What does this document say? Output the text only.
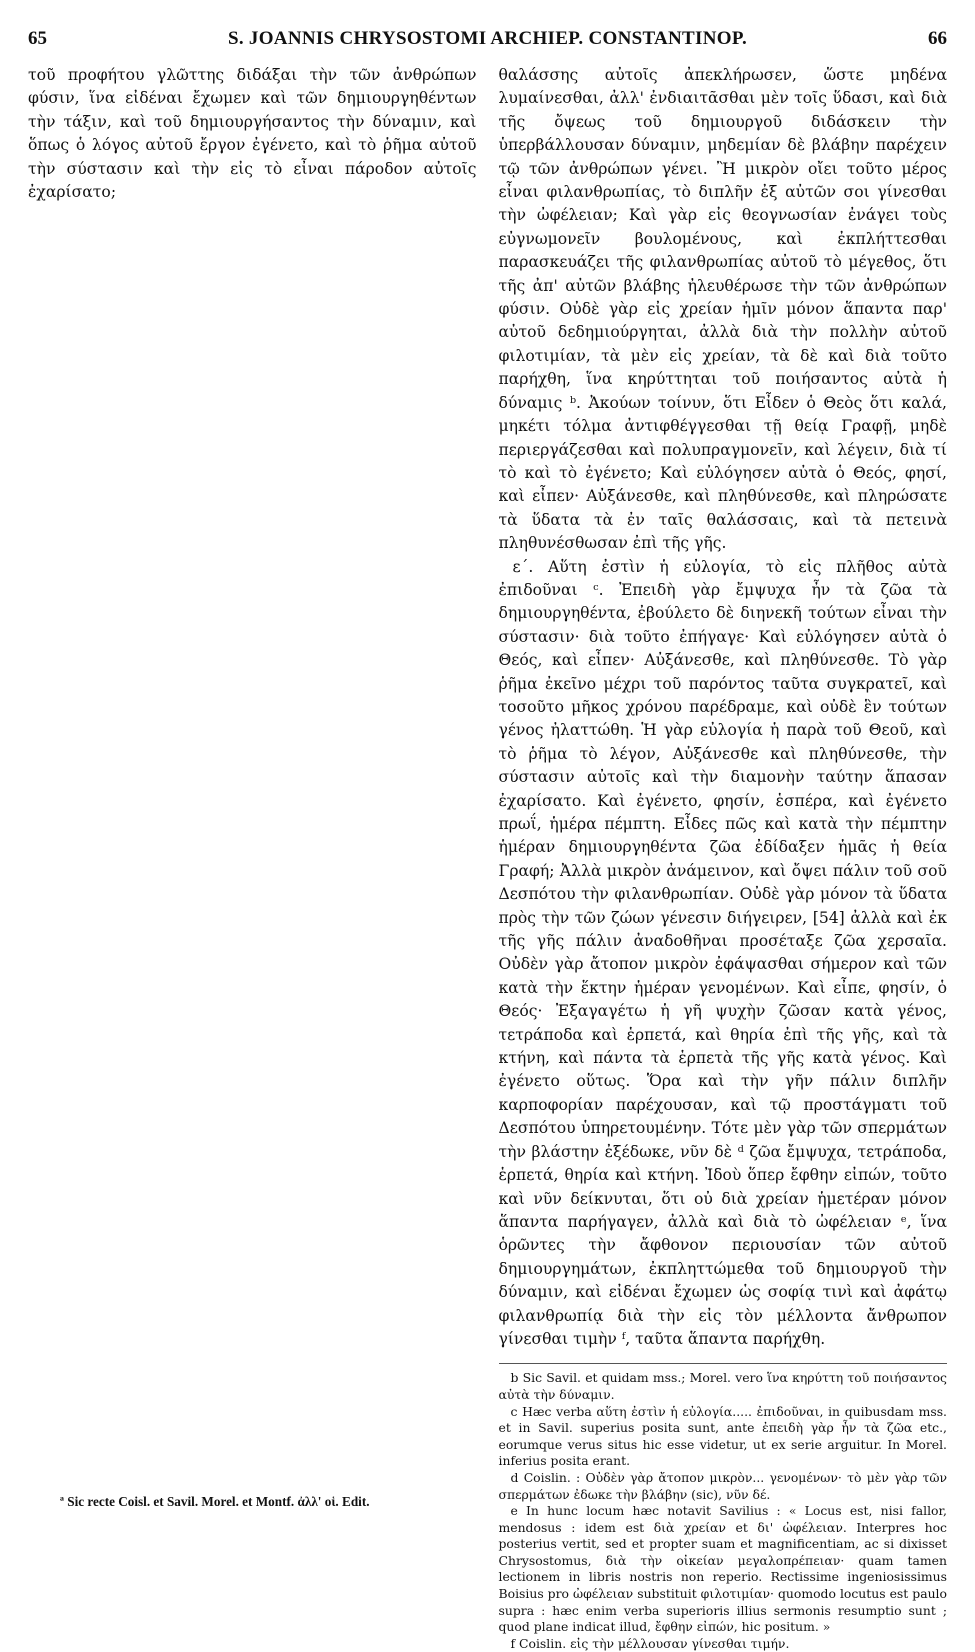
65	S. JOANNIS CHRYSOSTOMI ARCHIEP. CONSTANTINOP.	66

τοῦ προφήτου γλῶττης διδάξαι τὴν τῶν ἀνθρώπων φύσιν, ἵνα εἰδέναι ἔχωμεν καὶ τῶν δημιουργηθέντων τὴν τάξιν, καὶ τοῦ δημιουργήσαντος τὴν δύναμιν, καὶ ὅπως ὁ λόγος αὐτοῦ ἔργον ἐγένετο, καὶ τὸ ῥῆμα αὐτοῦ τὴν σύστασιν καὶ τὴν εἰς τὸ εἶναι πάροδον αὐτοῖς ἐχαρίσατο;

θαλάσσης αὐτοῖς ἀπεκλήρωσεν, ὥστε μηδένα λυμαίνεσθαι, ἀλλ' ἐνδιαιτᾶσθαι μὲν τοῖς ὕδασι, καὶ διὰ τῆς ὄψεως τοῦ δημιουργοῦ διδάσκειν τὴν ὑπερβάλλουσαν δύναμιν, μηδεμίαν δὲ βλάβην παρέχειν τῷ τῶν ἀνθρώπων γένει. Ἢ μικρὸν οἴει τοῦτο μέρος εἶναι φιλανθρωπίας, τὸ διπλῆν ἐξ αὐτῶν σοι γίνεσθαι τὴν ὠφέλειαν; Καὶ γὰρ εἰς θεογνωσίαν ἐνάγει τοὺς εὐγνωμονεῖν βουλομένους, καὶ ἐκπλήττεσθαι παρασκευάζει τῆς φιλανθρωπίας αὐτοῦ τὸ μέγεθος, ὅτι τῆς ἀπ' αὐτῶν βλάβης ἠλευθέρωσε τὴν τῶν ἀνθρώπων φύσιν. Οὐδὲ γὰρ εἰς χρείαν ἡμῖν μόνον ἅπαντα παρ' αὐτοῦ δεδημιούργηται, ἀλλὰ διὰ τὴν πολλὴν αὐτοῦ φιλοτιμίαν, τὰ μὲν εἰς χρείαν, τὰ δὲ καὶ διὰ τοῦτο παρήχθη, ἵνα κηρύττηται τοῦ ποιήσαντος αὐτὰ ἡ δύναμις ᵇ. Ἀκούων τοίνυν, ὅτι Εἶδεν ὁ Θεὸς ὅτι καλά, μηκέτι τόλμα ἀντιφθέγγεσθαι τῇ θείᾳ Γραφῇ, μηδὲ περιεργάζεσθαι καὶ πολυπραγμονεῖν, καὶ λέγειν, διὰ τί τὸ καὶ τὸ ἐγένετο; Καὶ εὐλόγησεν αὐτὰ ὁ Θεός, φησί, καὶ εἶπεν· Αὐξάνεσθε, καὶ πληθύνεσθε, καὶ πληρώσατε τὰ ὕδατα τὰ ἐν ταῖς θαλάσσαις, καὶ τὰ πετεινὰ πληθυνέσθωσαν ἐπὶ τῆς γῆς.

ε΄. Αὕτη ἐστὶν ἡ εὐλογία, τὸ εἰς πλῆθος αὐτὰ ἐπιδοῦναι ᶜ. Ἐπειδὴ γὰρ ἔμψυχα ἦν τὰ ζῶα τὰ δημιουργηθέντα, ἐβούλετο δὲ διηνεκῆ τούτων εἶναι τὴν σύστασιν· διὰ τοῦτο ἐπήγαγε· Καὶ εὐλόγησεν αὐτὰ ὁ Θεός, καὶ εἶπεν· Αὐξάνεσθε, καὶ πληθύνεσθε. Τὸ γὰρ ῥῆμα ἐκεῖνο μέχρι τοῦ παρόντος ταῦτα συγκρατεῖ, καὶ τοσοῦτο μῆκος χρόνου παρέδραμε, καὶ οὐδὲ ἓν τούτων γένος ἠλαττώθη. Ἡ γὰρ εὐλογία ἡ παρὰ τοῦ Θεοῦ, καὶ τὸ ῥῆμα τὸ λέγον, Αὐξάνεσθε καὶ πληθύνεσθε, τὴν σύστασιν αὐτοῖς καὶ τὴν διαμονὴν ταύτην ἅπασαν ἐχαρίσατο. Καὶ ἐγένετο, φησίν, ἑσπέρα, καὶ ἐγένετο πρωΐ, ἡμέρα πέμπτη. Εἶδες πῶς καὶ κατὰ τὴν πέμπτην ἡμέραν δημιουργηθέντα ζῶα ἐδίδαξεν ἡμᾶς ἡ θεία Γραφή; Ἀλλὰ μικρὸν ἀνάμεινον, καὶ ὄψει πάλιν τοῦ σοῦ Δεσπότου τὴν φιλανθρωπίαν. Οὐδὲ γὰρ μόνον τὰ ὕδατα πρὸς τὴν τῶν ζώων γένεσιν διήγειρεν, [54] ἀλλὰ καὶ ἐκ τῆς γῆς πάλιν ἀναδοθῆναι προσέταξε ζῶα χερσαῖα. Οὐδὲν γὰρ ἄτοπον μικρὸν ἐφάψασθαι σήμερον καὶ τῶν κατὰ τὴν ἕκτην ἡμέραν γενομένων. Καὶ εἶπε, φησίν, ὁ Θεός· Ἐξαγαγέτω ἡ γῆ ψυχὴν ζῶσαν κατὰ γένος, τετράποδα καὶ ἑρπετά, καὶ θηρία ἐπὶ τῆς γῆς, καὶ τὰ κτήνη, καὶ πάντα τὰ ἑρπετὰ τῆς γῆς κατὰ γένος. Καὶ ἐγένετο οὕτως. Ὅρα καὶ τὴν γῆν πάλιν διπλῆν καρποφορίαν παρέχουσαν, καὶ τῷ προστάγματι τοῦ Δεσπότου ὑπηρετουμένην. Τότε μὲν γὰρ τῶν σπερμάτων τὴν βλάστην ἐξέδωκε, νῦν δὲ ᵈ ζῶα ἔμψυχα, τετράποδα, ἑρπετά, θηρία καὶ κτήνη. Ἰδοὺ ὅπερ ἔφθην εἰπών, τοῦτο καὶ νῦν δείκνυται, ὅτι οὐ διὰ χρείαν ἡμετέραν μόνον ἅπαντα παρήγαγεν, ἀλλὰ καὶ διὰ τὸ ὠφέλειαν ᵉ, ἵνα ὁρῶντες τὴν ἄφθονον περιουσίαν τῶν αὐτοῦ δημιουργημάτων, ἐκπληττώμεθα τοῦ δημιουργοῦ τὴν δύναμιν, καὶ εἰδέναι ἔχωμεν ὡς σοφίᾳ τινὶ καὶ ἀφάτῳ φιλανθρωπίᾳ διὰ τὴν εἰς τὸν μέλλοντα ἄνθρωπον γίνεσθαι τιμὴν ᶠ, ταῦτα ἅπαντα παρήχθη.

b Sic Savil. et quidam mss.; Morel. vero ἵνα κηρύττη τοῦ ποιήσαντος αὐτὰ τὴν δύναμιν.

c Hæc verba αὕτη ἐστὶν ἡ εὐλογία..... ἐπιδοῦναι, in quibusdam mss. et in Savil. superius posita sunt, ante ἐπειδὴ γὰρ ἦν τὰ ζῶα etc., eorumque verus situs hic esse videtur, ut ex serie arguitur. In Morel. inferius posita erant.

d Coislin. : Οὐδὲν γὰρ ἄτοπον μικρὸν... γενομένων· τὸ μὲν γὰρ τῶν σπερμάτων ἐδωκε τὴν βλάβην (sic), νῦν δέ.

e In hunc locum hæc notavit Savilius : « Locus est, nisi fallor, mendosus : idem est διὰ χρείαν et δι' ὠφέλειαν. Interpres hoc posterius vertit, sed et propter suam et magnificentiam, ac si dixisset Chrysostomus, διὰ τὴν οἰκείαν μεγαλοπρέπειαν· quam tamen lectionem in libris nostris non reperio. Rectissime ingeniosissimus Boisius pro ὠφέλειαν substituit φιλοτιμίαν· quomodo locutus est paulo supra : hæc enim verba superioris illius sermonis resumptio sunt ; quod plane indicat illud, ἔφθην εἰπών, hic positum. »

f Coislin. εἰς τὴν μέλλουσαν γίνεσθαι τιμήν.

ª Sic recte Coisl. et Savil. Morel. et Montf. ἀλλ' οἱ. Edit.
